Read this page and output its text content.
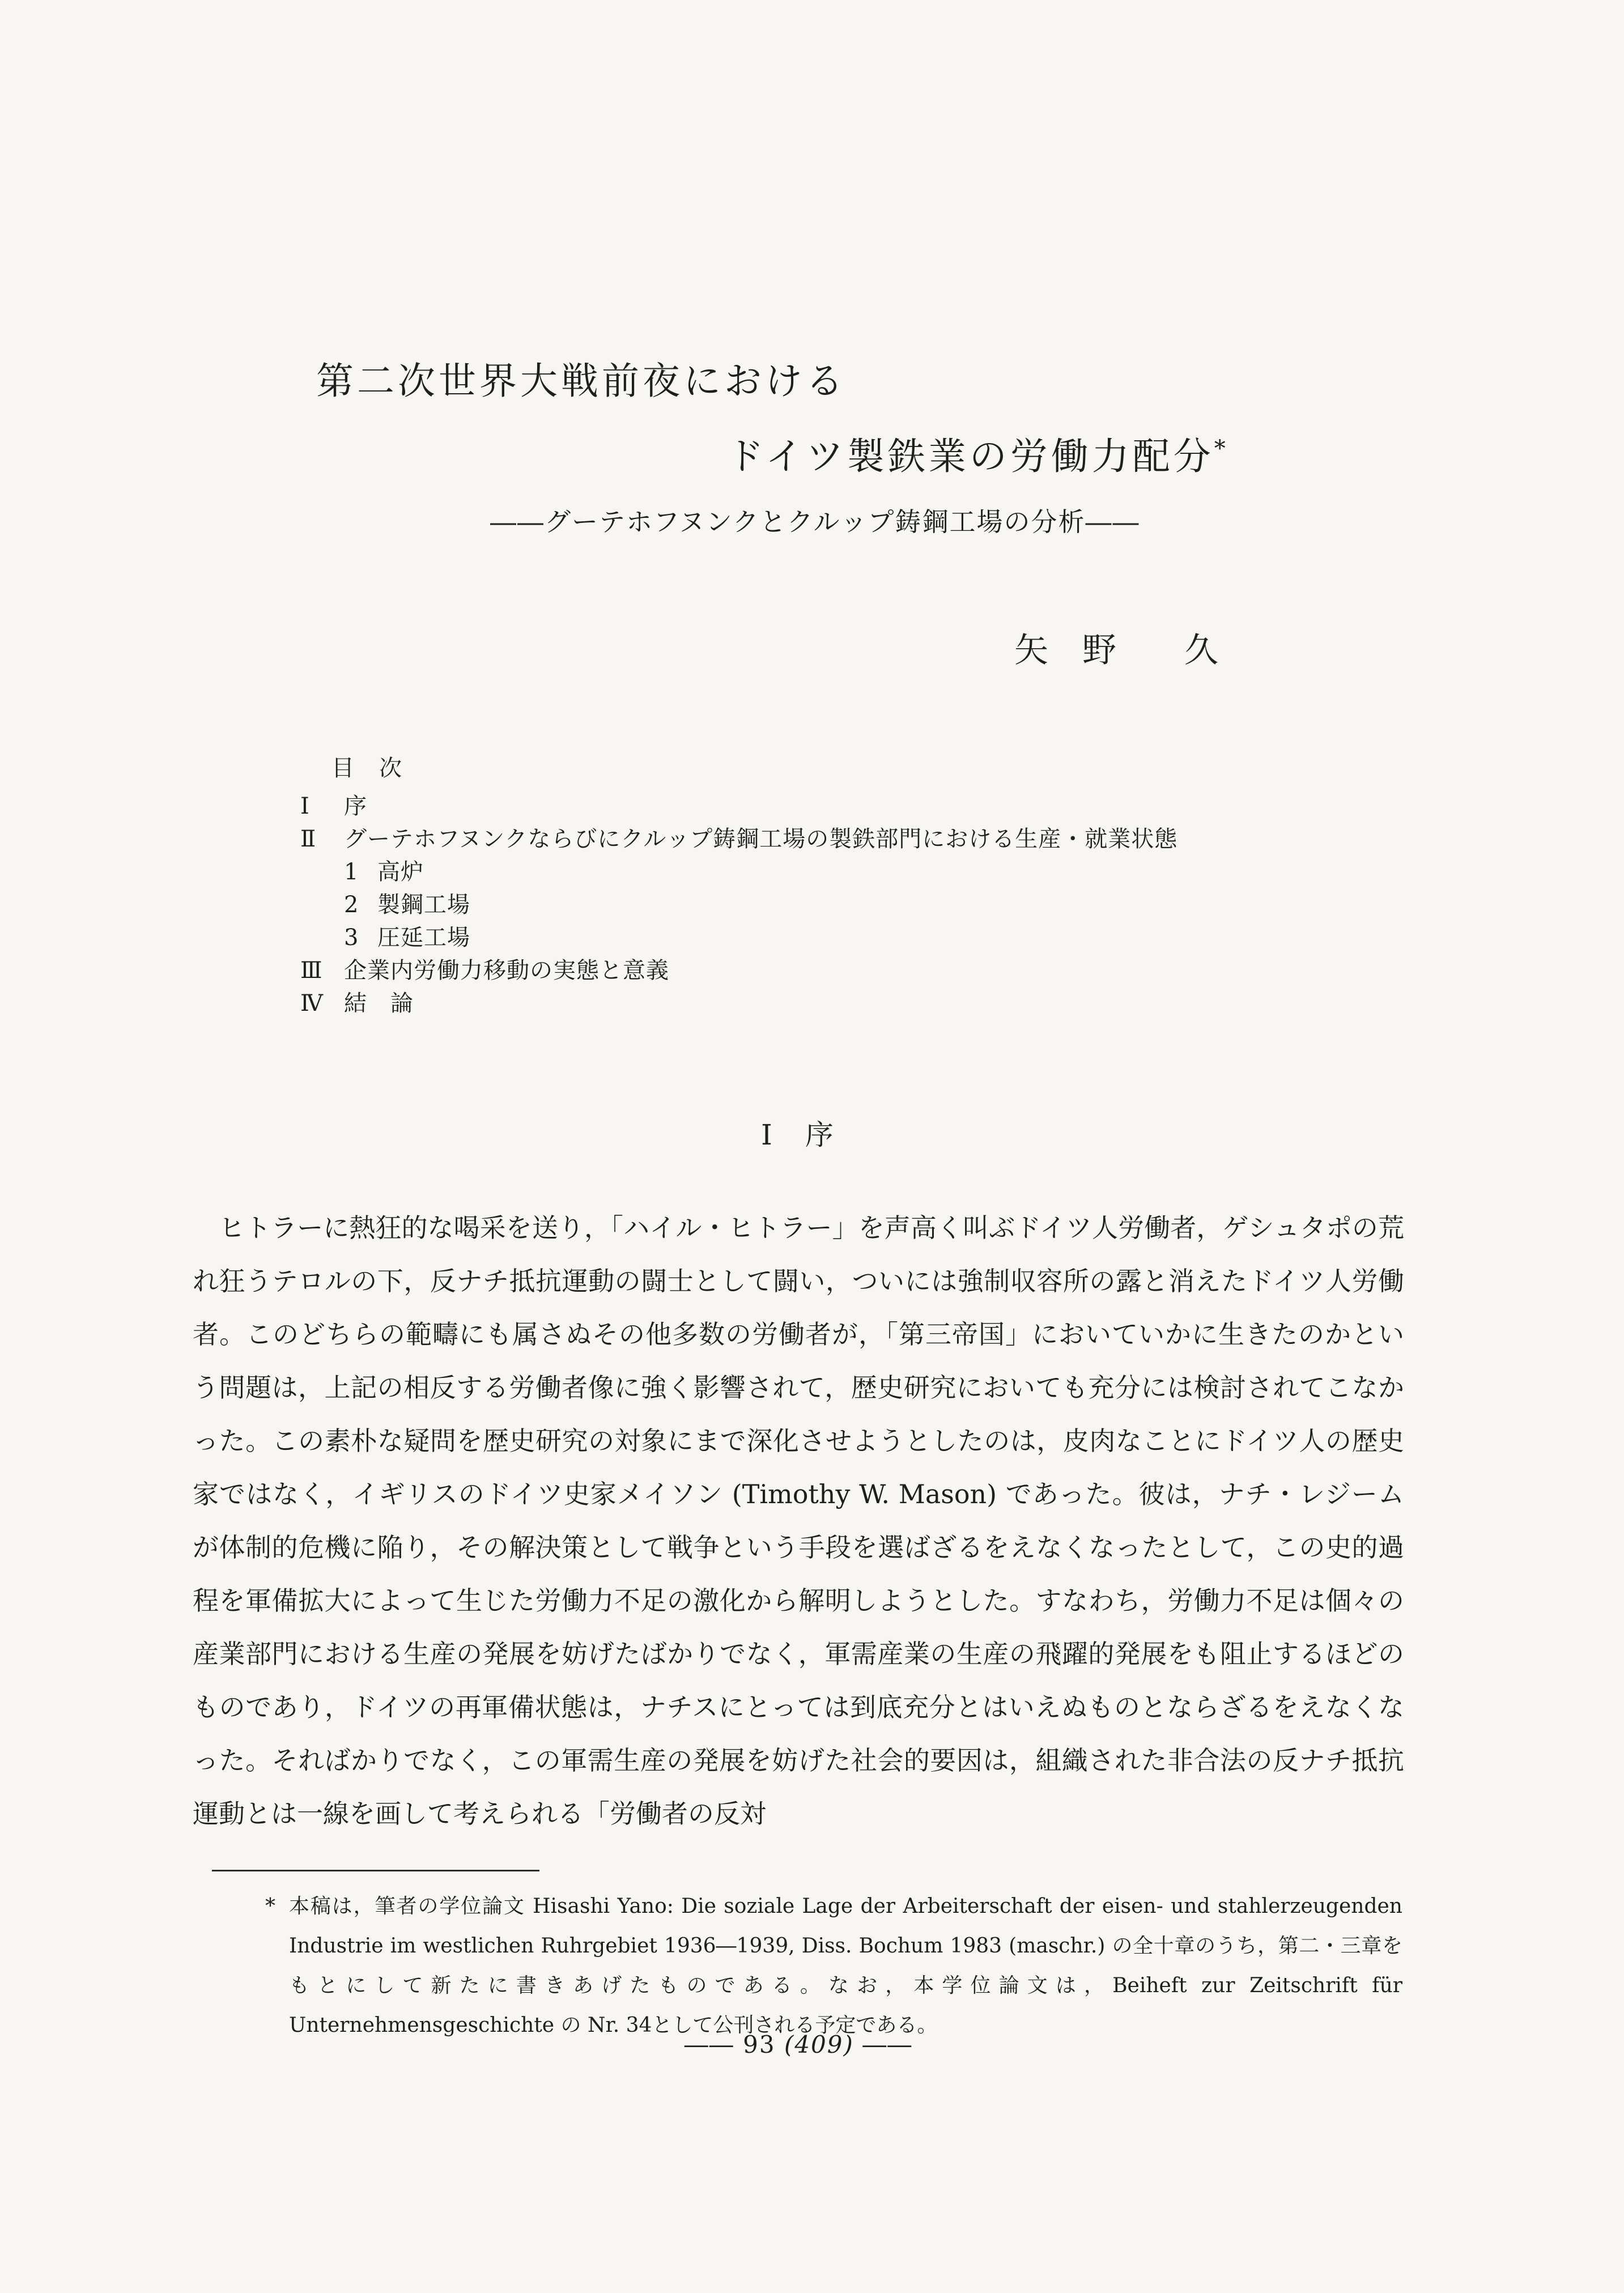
第二次世界大戦前夜における
ドイツ製鉄業の労働力配分*
――グーテホフヌンクとクルップ鋳鋼工場の分析――
矢　野　　久
目　次
Ⅰ	序
Ⅱ	グーテホフヌンクならびにクルップ鋳鋼工場の製鉄部門における生産・就業状態
1 高炉
2 製鋼工場
3 圧延工場
Ⅲ 企業内労働力移動の実態と意義
Ⅳ 結　論
Ⅰ　序

ヒトラーに熱狂的な喝采を送り，「ハイル・ヒトラー」を声高く叫ぶドイツ人労働者，ゲシュタポの荒れ狂うテロルの下，反ナチ抵抗運動の闘士として闘い，ついには強制収容所の露と消えたドイツ人労働者。このどちらの範疇にも属さぬその他多数の労働者が，「第三帝国」においていかに生きたのかという問題は，上記の相反する労働者像に強く影響されて，歴史研究においても充分には検討されてこなかった。この素朴な疑問を歴史研究の対象にまで深化させようとしたのは，皮肉なことにドイツ人の歴史家ではなく，イギリスのドイツ史家メイソン (Timothy W. Mason) であった。彼は，ナチ・レジームが体制的危機に陥り，その解決策として戦争という手段を選ばざるをえなくなったとして，この史的過程を軍備拡大によって生じた労働力不足の激化から解明しようとした。すなわち，労働力不足は個々の産業部門における生産の発展を妨げたばかりでなく，軍需産業の生産の飛躍的発展をも阻止するほどのものであり，ドイツの再軍備状態は，ナチスにとっては到底充分とはいえぬものとならざるをえなくなった。そればかりでなく，この軍需生産の発展を妨げた社会的要因は，組織された非合法の反ナチ抵抗運動とは一線を画して考えられる「労働者の反対

* 本稿は，筆者の学位論文 Hisashi Yano: Die soziale Lage der Arbeiterschaft der eisen- und stahlerzeugenden Industrie im westlichen Ruhrgebiet 1936―1939, Diss. Bochum 1983 (maschr.) の全十章のうち，第二・三章をもとにして新たに書きあげたものである。なお，本学位論文は，Beiheft zur Zeitschrift für Unternehmensgeschichte の Nr. 34として公刊される予定である。
―― 93 (409) ――
